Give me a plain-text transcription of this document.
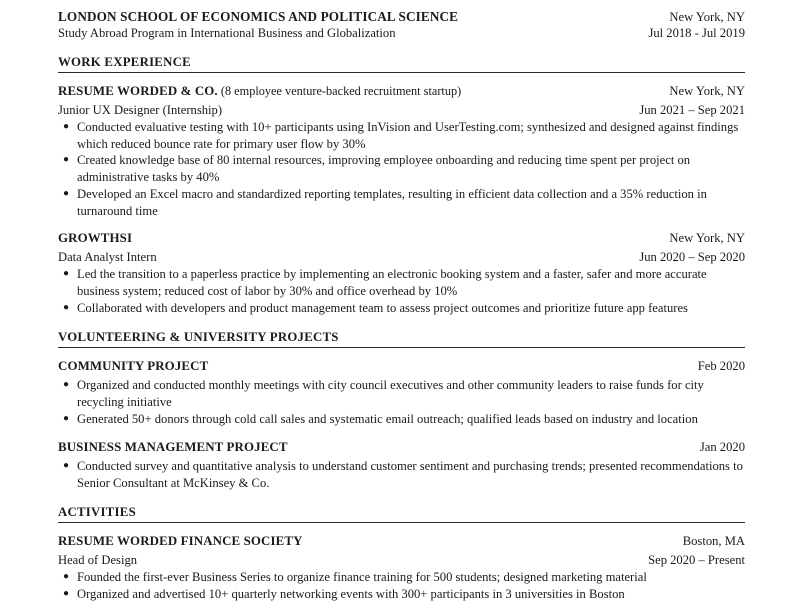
LONDON SCHOOL OF ECONOMICS AND POLITICAL SCIENCE	New York, NY
Study Abroad Program in International Business and Globalization	Jul 2018 - Jul 2019
WORK EXPERIENCE
RESUME WORDED & CO. (8 employee venture-backed recruitment startup)	New York, NY
Junior UX Designer (Internship)	Jun 2021 – Sep 2021
● Conducted evaluative testing with 10+ participants using InVision and UserTesting.com; synthesized and designed against findings which reduced bounce rate for primary user flow by 30%
● Created knowledge base of 80 internal resources, improving employee onboarding and reducing time spent per project on administrative tasks by 40%
● Developed an Excel macro and standardized reporting templates, resulting in efficient data collection and a 35% reduction in turnaround time
GROWTHSI	New York, NY
Data Analyst Intern	Jun 2020 – Sep 2020
● Led the transition to a paperless practice by implementing an electronic booking system and a faster, safer and more accurate business system; reduced cost of labor by 30% and office overhead by 10%
● Collaborated with developers and product management team to assess project outcomes and prioritize future app features
VOLUNTEERING & UNIVERSITY PROJECTS
COMMUNITY PROJECT	Feb 2020
● Organized and conducted monthly meetings with city council executives and other community leaders to raise funds for city recycling initiative
● Generated 50+ donors through cold call sales and systematic email outreach; qualified leads based on industry and location
BUSINESS MANAGEMENT PROJECT	Jan 2020
● Conducted survey and quantitative analysis to understand customer sentiment and purchasing trends; presented recommendations to Senior Consultant at McKinsey & Co.
ACTIVITIES
RESUME WORDED FINANCE SOCIETY	Boston, MA
Head of Design	Sep 2020 – Present
● Founded the first-ever Business Series to organize finance training for 500 students; designed marketing material
● Organized and advertised 10+ quarterly networking events with 300+ participants in 3 universities in Boston
